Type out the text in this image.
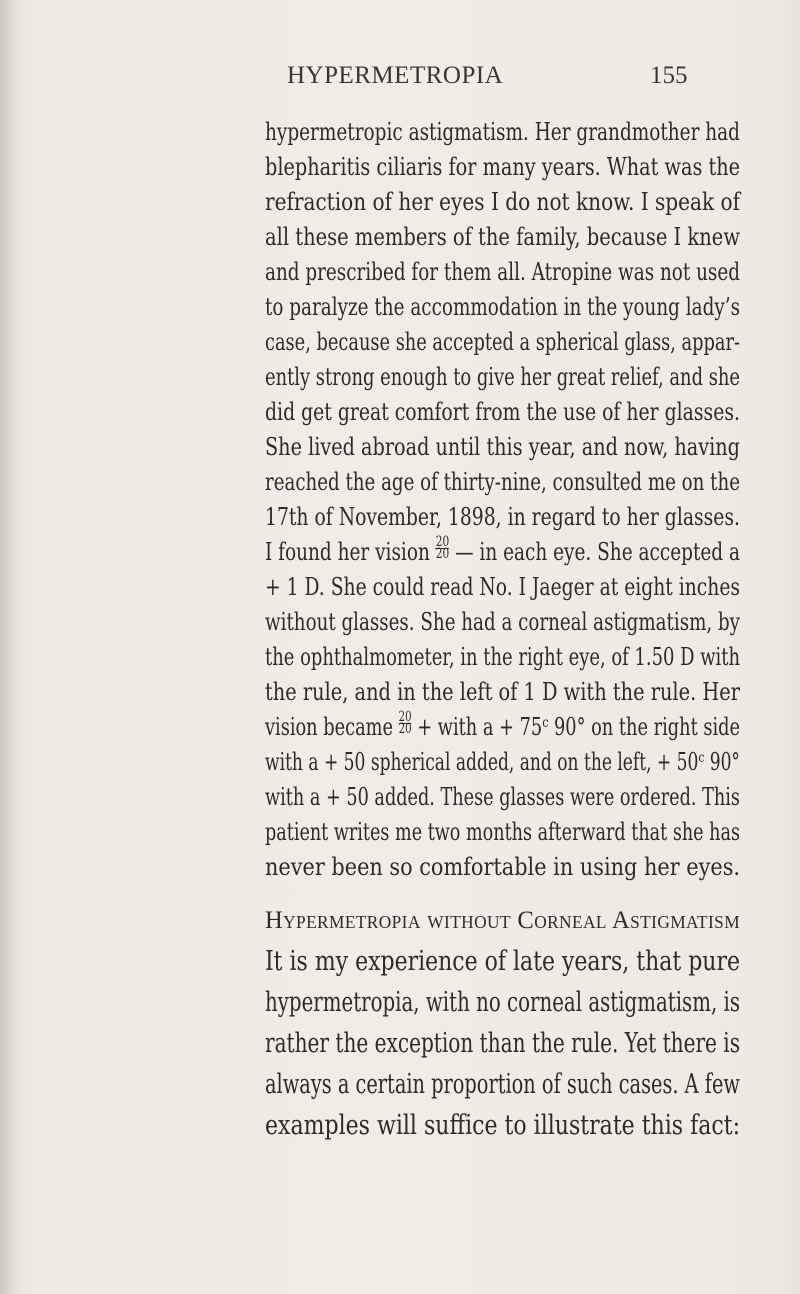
HYPERMETROPIA	155
hypermetropic astigmatism. Her grandmother had
blepharitis ciliaris for many years. What was the
refraction of her eyes I do not know. I speak of
all these members of the family, because I knew
and prescribed for them all. Atropine was not used
to paralyze the accommodation in the young lady’s
case, because she accepted a spherical glass, appar-
ently strong enough to give her great relief, and she
did get great comfort from the use of her glasses.
She lived abroad until this year, and now, having
reached the age of thirty-nine, consulted me on the
17th of November, 1898, in regard to her glasses.
I found her vision $\frac{20}{20}$ — in each eye. She accepted a
+ 1 D. She could read No. I Jaeger at eight inches
without glasses. She had a corneal astigmatism, by
the ophthalmometer, in the right eye, of 1.50 D with
the rule, and in the left of 1 D with the rule. Her
vision became $\frac{20}{20}$ + with a + 75ᶜ 90° on the right side
with a + 50 spherical added, and on the left, + 50ᶜ 90°
with a + 50 added. These glasses were ordered. This
patient writes me two months afterward that she has
never been so comfortable in using her eyes.
Hypermetropia without Corneal Astigmatism
It is my experience of late years, that pure
hypermetropia, with no corneal astigmatism, is
rather the exception than the rule. Yet there is
always a certain proportion of such cases. A few
examples will suffice to illustrate this fact:
